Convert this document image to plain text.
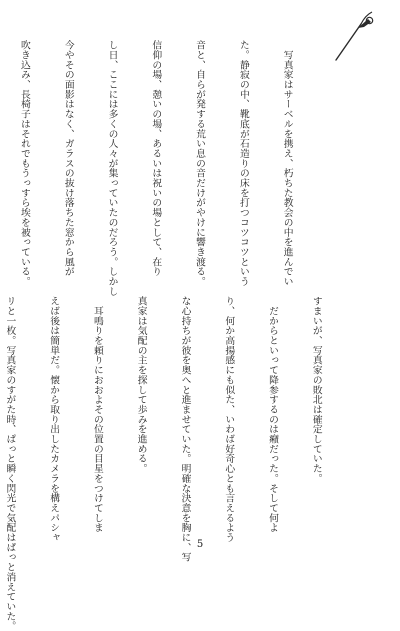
　写真家はサーベルを携え、朽ちた教会の中を進んでい

た。静寂の中、靴底が石造りの床を打つコツコツという

音と、自らが発する荒い息の音だけがやけに響き渡る。

信仰の場、憩いの場、あるいは祝いの場として、在り

し日、ここには多くの人々が集っていたのだろう。しかし

今やその面影はなく、ガラスの抜け落ちた窓から風が

吹き込み、長椅子はそれでもうっすら埃を被っている。

すまいが、写真家の敗北は確定していた。

　だからといって降参するのは癪だった。そして何よ

り、何か高揚感にも似た、いわば好奇心とも言えるよう

な心持ちが彼を奥へと進ませていた。明確な決意を胸に、写

真家は気配の主を探して歩みを進める。

　耳鳴りを頼りにおおよその位置の目星をつけてしま

えば後は簡単だ。懐から取り出したカメラを構えパシャ

リと一枚。写真家のすがた時、ぱっと瞬く閃光で気配はぱっと消えていた。

	5
